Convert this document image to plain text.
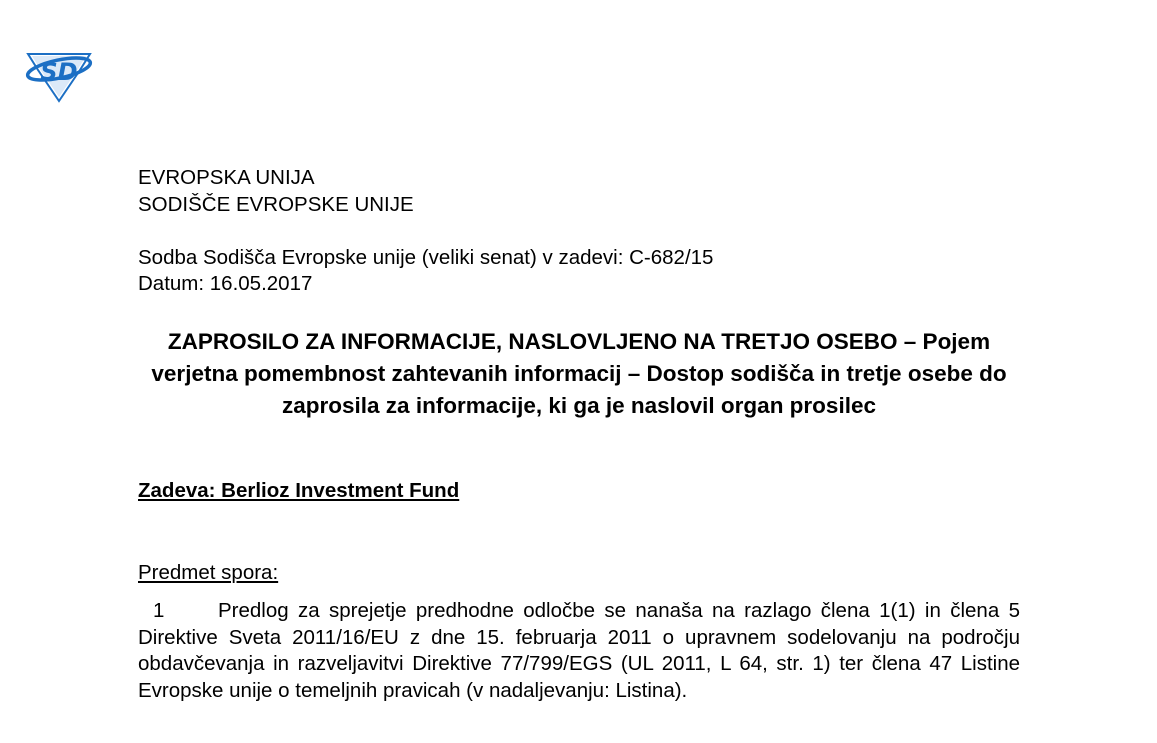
SD
EVROPSKA UNIJA
SODIŠČE EVROPSKE UNIJE
Sodba Sodišča Evropske unije (veliki senat) v zadevi: C-682/15
Datum: 16.05.2017
ZAPROSILO ZA INFORMACIJE, NASLOVLJENO NA TRETJO OSEBO – Pojem verjetna pomembnost zahtevanih informacij – Dostop sodišča in tretje osebe do zaprosila za informacije, ki ga je naslovil organ prosilec
Zadeva: Berlioz Investment Fund
Predmet spora:
1	Predlog za sprejetje predhodne odločbe se nanaša na razlago člena 1(1) in člena 5 Direktive Sveta 2011/16/EU z dne 15. februarja 2011 o upravnem sodelovanju na področju obdavčevanja in razveljavitvi Direktive 77/799/EGS (UL 2011, L 64, str. 1) ter člena 47 Listine Evropske unije o temeljnih pravicah (v nadaljevanju: Listina).
